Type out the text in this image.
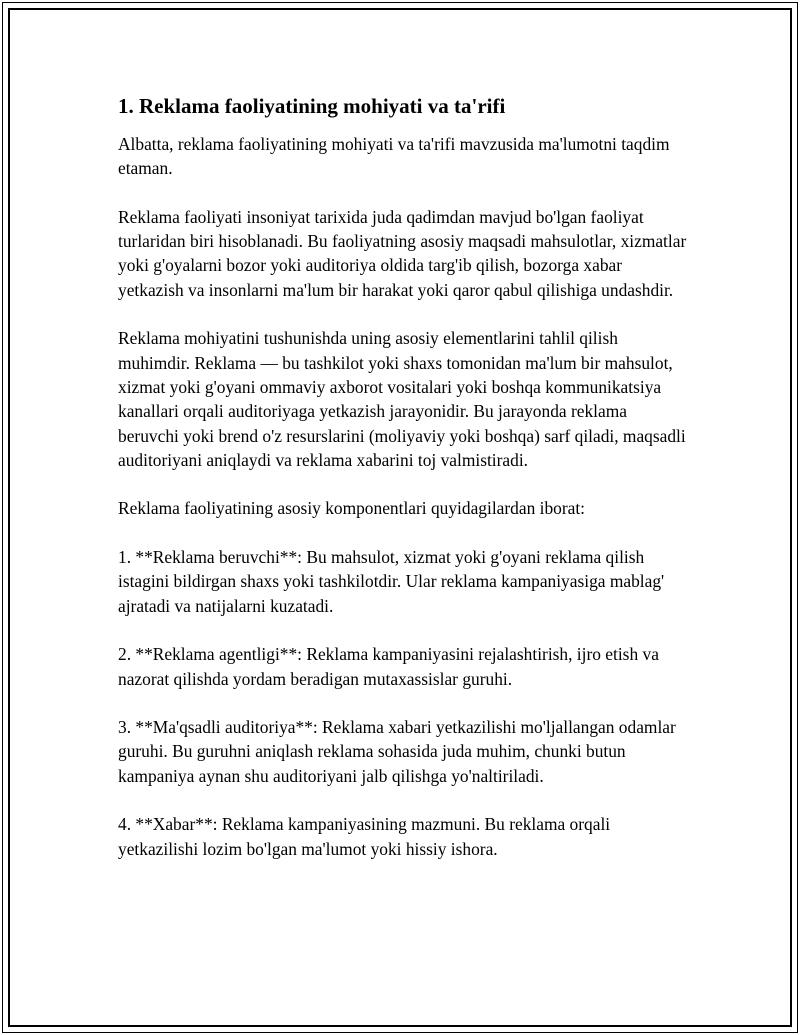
1. Reklama faoliyatining mohiyati va ta'rifi

Albatta, reklama faoliyatining mohiyati va ta'rifi mavzusida ma'lumotni taqdim etaman.

Reklama faoliyati insoniyat tarixida juda qadimdan mavjud bo'lgan faoliyat turlaridan biri hisoblanadi. Bu faoliyatning asosiy maqsadi mahsulotlar, xizmatlar yoki g'oyalarni bozor yoki auditoriya oldida targ'ib qilish, bozorga xabar yetkazish va insonlarni ma'lum bir harakat yoki qaror qabul qilishiga undashdir.

Reklama mohiyatini tushunishda uning asosiy elementlarini tahlil qilish muhimdir. Reklama — bu tashkilot yoki shaxs tomonidan ma'lum bir mahsulot, xizmat yoki g'oyani ommaviy axborot vositalari yoki boshqa kommunikatsiya kanallari orqali auditoriyaga yetkazish jarayonidir. Bu jarayonda reklama beruvchi yoki brend o'z resurslarini (moliyaviy yoki boshqa) sarf qiladi, maqsadli auditoriyani aniqlaydi va reklama xabarini toj valmistiradi.

Reklama faoliyatining asosiy komponentlari quyidagilardan iborat:

1. **Reklama beruvchi**: Bu mahsulot, xizmat yoki g'oyani reklama qilish istagini bildirgan shaxs yoki tashkilotdir. Ular reklama kampaniyasiga mablag' ajratadi va natijalarni kuzatadi.

2. **Reklama agentligi**: Reklama kampaniyasini rejalashtirish, ijro etish va nazorat qilishda yordam beradigan mutaxassislar guruhi.

3. **Ma'qsadli auditoriya**: Reklama xabari yetkazilishi mo'ljallangan odamlar guruhi. Bu guruhni aniqlash reklama sohasida juda muhim, chunki butun kampaniya aynan shu auditoriyani jalb qilishga yo'naltiriladi.

4. **Xabar**: Reklama kampaniyasining mazmuni. Bu reklama orqali yetkazilishi lozim bo'lgan ma'lumot yoki hissiy ishora.
